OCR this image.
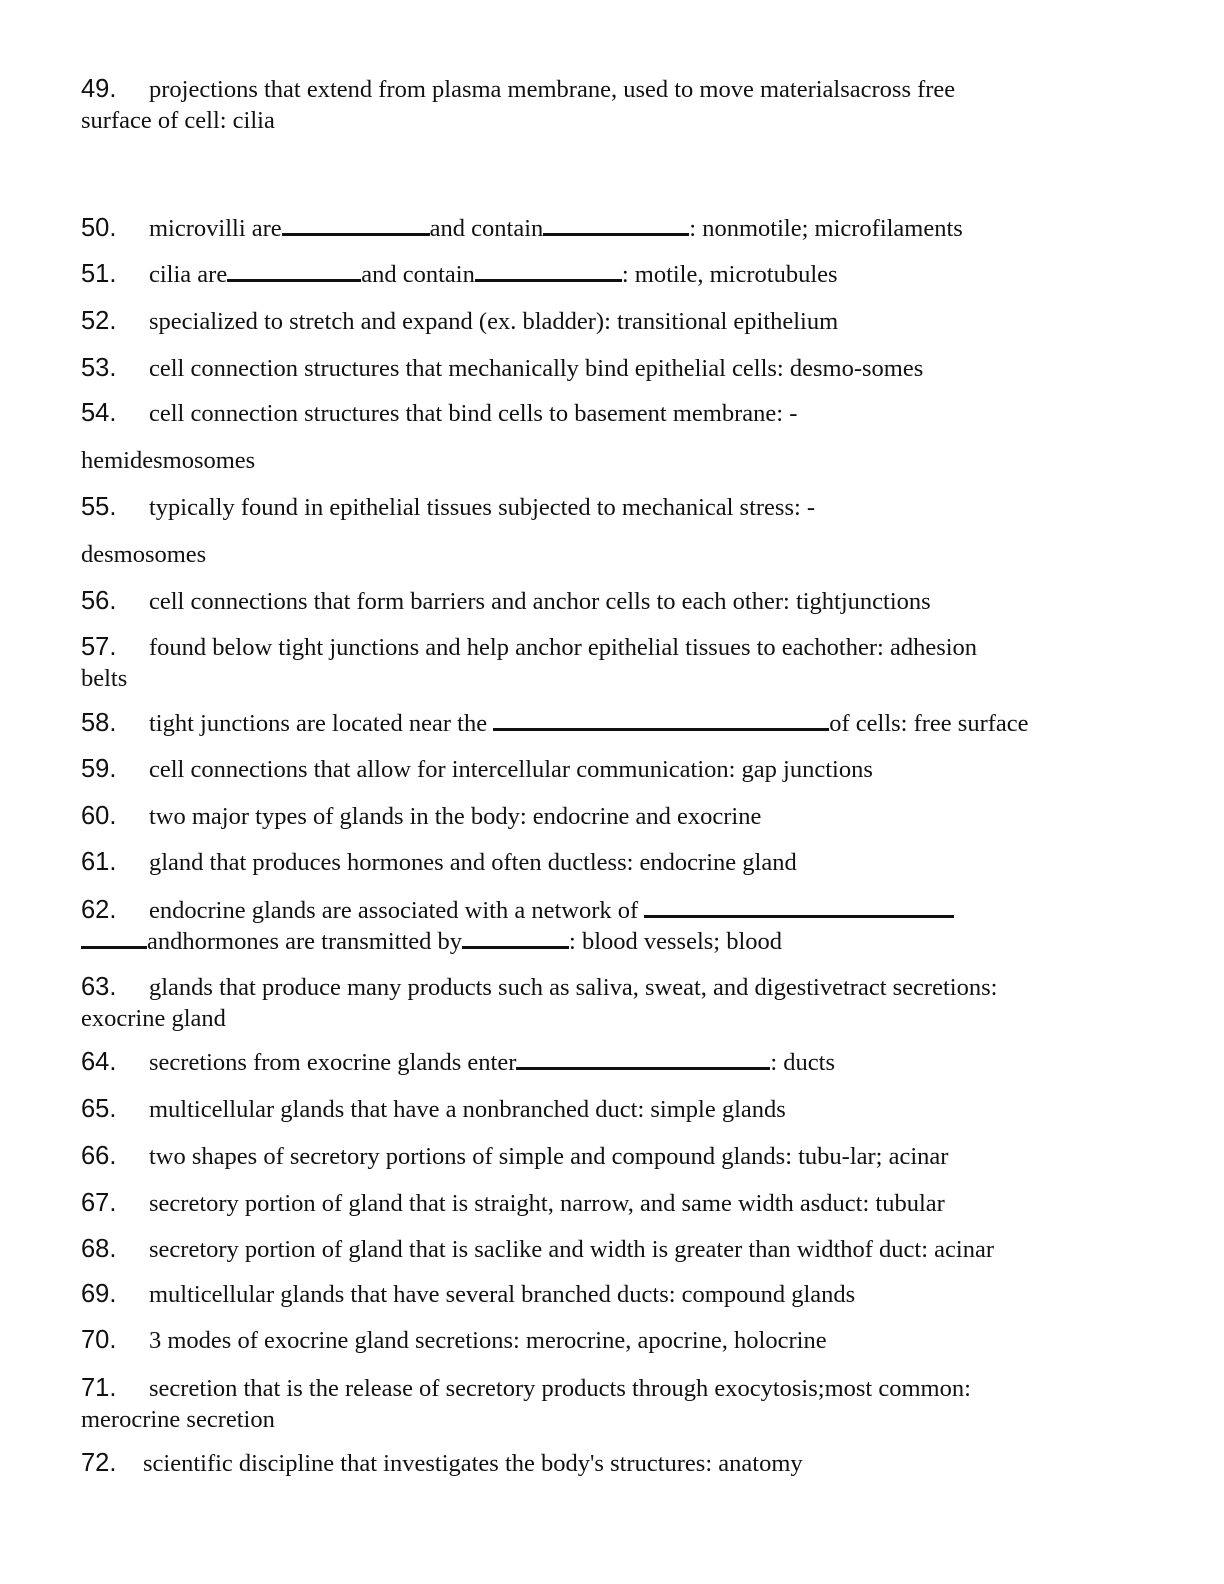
49. projections that extend from plasma membrane, used to move materialsacross free
surface of cell: cilia
50. microvilli are	and contain	: nonmotile; microfilaments
51. cilia are	and contain	: motile, microtubules
52. specialized to stretch and expand (ex. bladder): transitional epithelium
53. cell connection structures that mechanically bind epithelial cells: desmo-somes
54. cell connection structures that bind cells to basement membrane: -
hemidesmosomes
55. typically found in epithelial tissues subjected to mechanical stress: -
desmosomes
56. cell connections that form barriers and anchor cells to each other: tightjunctions
57. found below tight junctions and help anchor epithelial tissues to eachother: adhesion
belts
58. tight junctions are located near the	of cells: free surface
59. cell connections that allow for intercellular communication: gap junctions
60. two major types of glands in the body: endocrine and exocrine
61. gland that produces hormones and often ductless: endocrine gland
62. endocrine glands are associated with a network of
andhormones are transmitted by	: blood vessels; blood
63. glands that produce many products such as saliva, sweat, and digestivetract secretions:
exocrine gland
64. secretions from exocrine glands enter	: ducts
65. multicellular glands that have a nonbranched duct: simple glands
66. two shapes of secretory portions of simple and compound glands: tubu-lar; acinar
67. secretory portion of gland that is straight, narrow, and same width asduct: tubular
68. secretory portion of gland that is saclike and width is greater than widthof duct: acinar
69. multicellular glands that have several branched ducts: compound glands
70. 3 modes of exocrine gland secretions: merocrine, apocrine, holocrine
71. secretion that is the release of secretory products through exocytosis;most common:
merocrine secretion
72. scientific discipline that investigates the body's structures: anatomy
